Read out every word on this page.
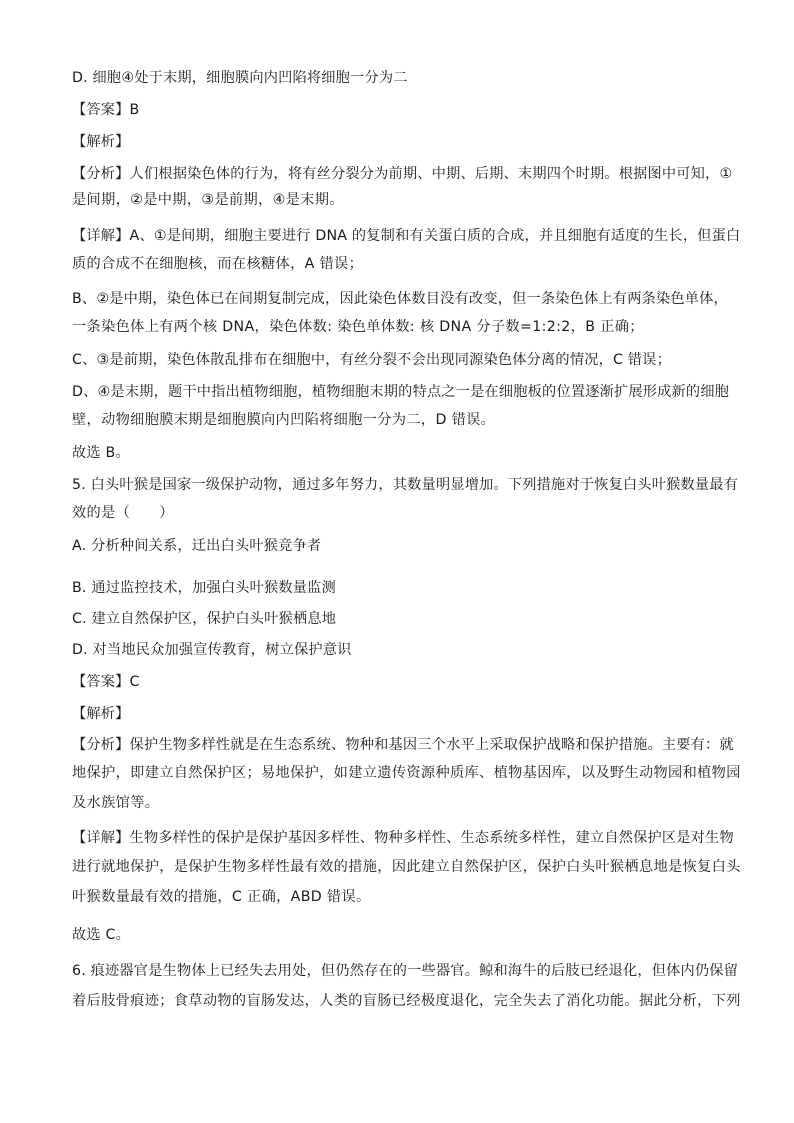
D. 细胞④处于末期，细胞膜向内凹陷将细胞一分为二
【答案】B
【解析】
【分析】人们根据染色体的行为，将有丝分裂分为前期、中期、后期、末期四个时期。根据图中可知，①
是间期，②是中期，③是前期，④是末期。
【详解】A、①是间期，细胞主要进行 DNA 的复制和有关蛋白质的合成，并且细胞有适度的生长，但蛋白
质的合成不在细胞核，而在核糖体，A 错误；
B、②是中期，染色体已在间期复制完成，因此染色体数目没有改变，但一条染色体上有两条染色单体，
一条染色体上有两个核 DNA，染色体数: 染色单体数: 核 DNA 分子数=1:2:2，B 正确；
C、③是前期，染色体散乱排布在细胞中，有丝分裂不会出现同源染色体分离的情况，C 错误；
D、④是末期，题干中指出植物细胞，植物细胞末期的特点之一是在细胞板的位置逐渐扩展形成新的细胞
壁，动物细胞膜末期是细胞膜向内凹陷将细胞一分为二，D 错误。
故选 B。
5. 白头叶猴是国家一级保护动物，通过多年努力，其数量明显增加。下列措施对于恢复白头叶猴数量最有
效的是（　　）
A. 分析种间关系，迁出白头叶猴竞争者
B. 通过监控技术，加强白头叶猴数量监测
C. 建立自然保护区，保护白头叶猴栖息地
D. 对当地民众加强宣传教育，树立保护意识
【答案】C
【解析】
【分析】保护生物多样性就是在生态系统、物种和基因三个水平上采取保护战略和保护措施。主要有：就
地保护，即建立自然保护区；易地保护，如建立遗传资源种质库、植物基因库，以及野生动物园和植物园
及水族馆等。
【详解】生物多样性的保护是保护基因多样性、物种多样性、生态系统多样性，建立自然保护区是对生物
进行就地保护，是保护生物多样性最有效的措施，因此建立自然保护区，保护白头叶猴栖息地是恢复白头
叶猴数量最有效的措施，C 正确，ABD 错误。
故选 C。
6. 痕迹器官是生物体上已经失去用处，但仍然存在的一些器官。鲸和海牛的后肢已经退化，但体内仍保留
着后肢骨痕迹；食草动物的盲肠发达，人类的盲肠已经极度退化，完全失去了消化功能。据此分析，下列
